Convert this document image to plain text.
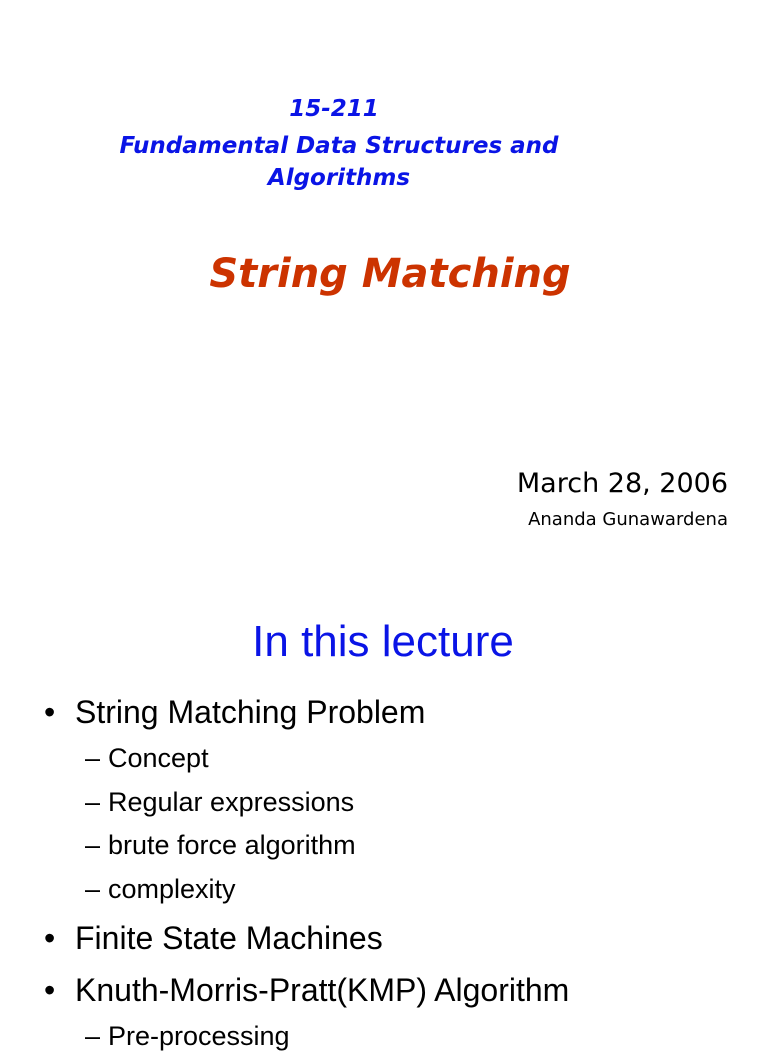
15-211
Fundamental Data Structures and
Algorithms
String Matching
March 28, 2006
Ananda Gunawardena
In this lecture
• String Matching Problem
– Concept
– Regular expressions
– brute force algorithm
– complexity
• Finite State Machines
• Knuth-Morris-Pratt(KMP) Algorithm
– Pre-processing
